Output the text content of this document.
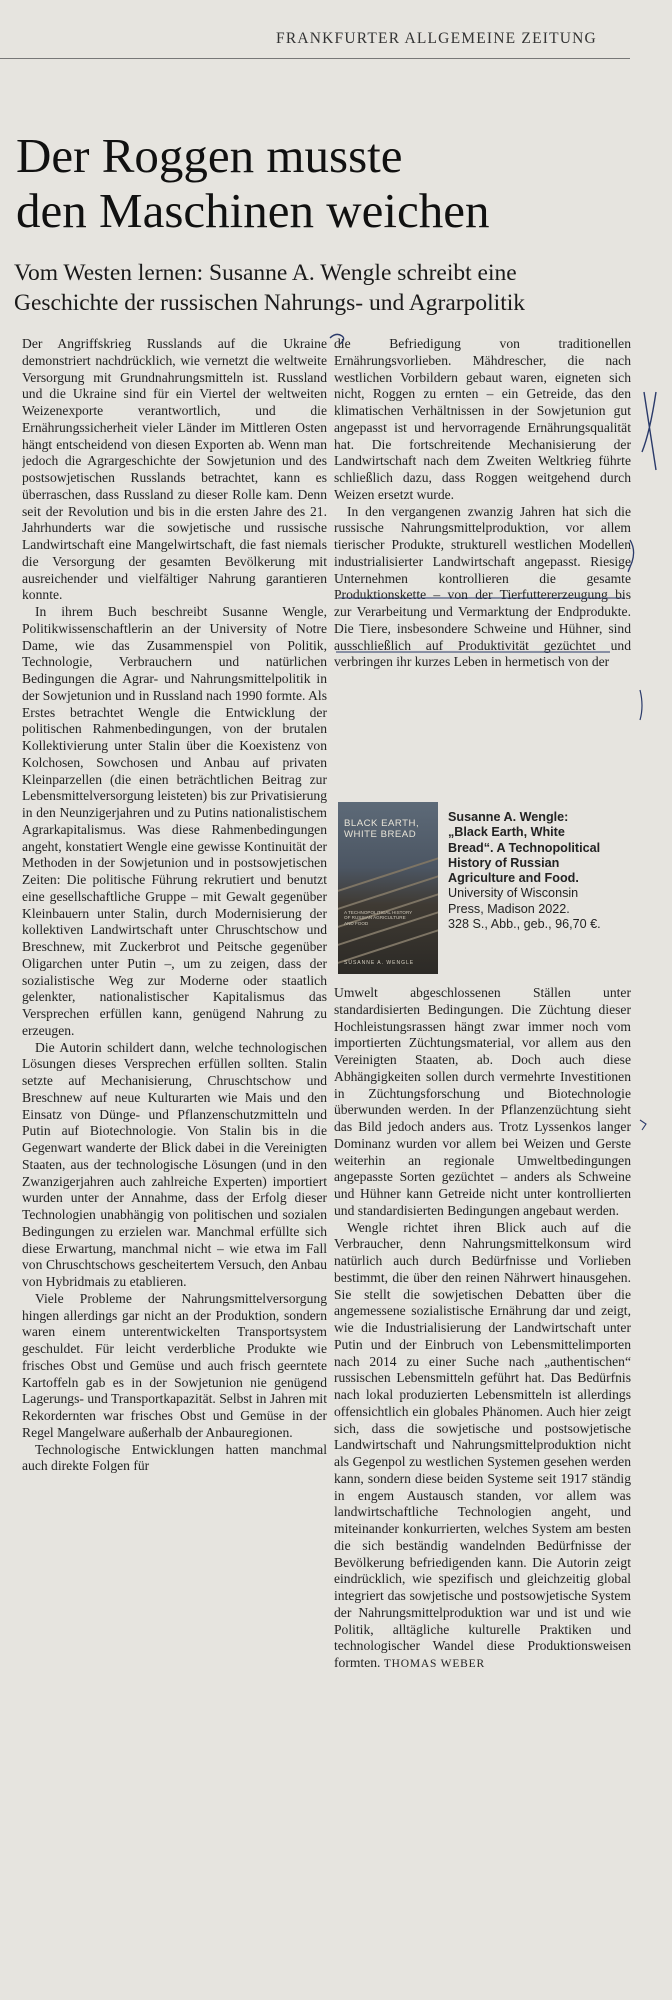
FRANKFURTER ALLGEMEINE ZEITUNG
Der Roggen musste
den Maschinen weichen
Vom Westen lernen: Susanne A. Wengle schreibt eine
Geschichte der russischen Nahrungs- und Agrarpolitik

Der Angriffskrieg Russlands auf die Ukraine demonstriert nachdrücklich, wie vernetzt die weltweite Versorgung mit Grundnahrungsmitteln ist. Russland und die Ukraine sind für ein Viertel der weltweiten Weizenexporte verantwortlich, und die Ernährungssicherheit vieler Länder im Mittleren Osten hängt entscheidend von diesen Exporten ab. Wenn man jedoch die Agrargeschichte der Sowjetunion und des postsowjetischen Russlands betrachtet, kann es überraschen, dass Russland zu dieser Rolle kam. Denn seit der Revolution und bis in die ersten Jahre des 21. Jahrhunderts war die sowjetische und russische Landwirtschaft eine Mangelwirtschaft, die fast niemals die Versorgung der gesamten Bevölkerung mit ausreichender und vielfältiger Nahrung garantieren konnte.

In ihrem Buch beschreibt Susanne Wengle, Politikwissenschaftlerin an der University of Notre Dame, wie das Zusammenspiel von Politik, Technologie, Verbrauchern und natürlichen Bedingungen die Agrar- und Nahrungsmittelpolitik in der Sowjetunion und in Russland nach 1990 formte. Als Erstes betrachtet Wengle die Entwicklung der politischen Rahmenbedingungen, von der brutalen Kollektivierung unter Stalin über die Koexistenz von Kolchosen, Sowchosen und Anbau auf privaten Kleinparzellen (die einen beträchtlichen Beitrag zur Lebensmittelversorgung leisteten) bis zur Privatisierung in den Neunzigerjahren und zu Putins nationalistischem Agrarkapitalismus. Was diese Rahmenbedingungen angeht, konstatiert Wengle eine gewisse Kontinuität der Methoden in der Sowjetunion und in postsowjetischen Zeiten: Die politische Führung rekrutiert und benutzt eine gesellschaftliche Gruppe – mit Gewalt gegenüber Kleinbauern unter Stalin, durch Modernisierung der kollektiven Landwirtschaft unter Chruschtschow und Breschnew, mit Zuckerbrot und Peitsche gegenüber Oligarchen unter Putin –, um zu zeigen, dass der sozialistische Weg zur Moderne oder staatlich gelenkter, nationalistischer Kapitalismus das Versprechen erfüllen kann, genügend Nahrung zu erzeugen.

Die Autorin schildert dann, welche technologischen Lösungen dieses Versprechen erfüllen sollten. Stalin setzte auf Mechanisierung, Chruschtschow und Breschnew auf neue Kulturarten wie Mais und den Einsatz von Dünge- und Pflanzenschutzmitteln und Putin auf Biotechnologie. Von Stalin bis in die Gegenwart wanderte der Blick dabei in die Vereinigten Staaten, aus der technologische Lösungen (und in den Zwanzigerjahren auch zahlreiche Experten) importiert wurden unter der Annahme, dass der Erfolg dieser Technologien unabhängig von politischen und sozialen Bedingungen zu erzielen war. Manchmal erfüllte sich diese Erwartung, manchmal nicht – wie etwa im Fall von Chruschtschows gescheitertem Versuch, den Anbau von Hybridmais zu etablieren.

Viele Probleme der Nahrungsmittelversorgung hingen allerdings gar nicht an der Produktion, sondern waren einem unterentwickelten Transportsystem geschuldet. Für leicht verderbliche Produkte wie frisches Obst und Gemüse und auch frisch geerntete Kartoffeln gab es in der Sowjetunion nie genügend Lagerungs- und Transportkapazität. Selbst in Jahren mit Rekordernten war frisches Obst und Gemüse in der Regel Mangelware außerhalb der Anbauregionen.

Technologische Entwicklungen hatten manchmal auch direkte Folgen für

die Befriedigung von traditionellen Ernährungsvorlieben. Mähdrescher, die nach westlichen Vorbildern gebaut waren, eigneten sich nicht, Roggen zu ernten – ein Getreide, das den klimatischen Verhältnissen in der Sowjetunion gut angepasst ist und hervorragende Ernährungsqualität hat. Die fortschreitende Mechanisierung der Landwirtschaft nach dem Zweiten Weltkrieg führte schließlich dazu, dass Roggen weitgehend durch Weizen ersetzt wurde.

In den vergangenen zwanzig Jahren hat sich die russische Nahrungsmittelproduktion, vor allem tierischer Produkte, strukturell westlichen Modellen industrialisierter Landwirtschaft angepasst. Riesige Unternehmen kontrollieren die gesamte Produktionskette – von der Tierfuttererzeugung bis zur Verarbeitung und Vermarktung der Endprodukte. Die Tiere, insbesondere Schweine und Hühner, sind ausschließlich auf Produktivität gezüchtet und verbringen ihr kurzes Leben in hermetisch von der

BLACK EARTH, WHITE BREAD
A TECHNOPOLITICAL HISTORY OF RUSSIAN AGRICULTURE AND FOOD
SUSANNE A. WENGLE
Susanne A. Wengle:
„Black Earth, White
Bread“. A Technopolitical
History of Russian
Agriculture and Food.
University of Wisconsin
Press, Madison 2022.
328 S., Abb., geb., 96,70 €.

Umwelt abgeschlossenen Ställen unter standardisierten Bedingungen. Die Züchtung dieser Hochleistungsrassen hängt zwar immer noch vom importierten Züchtungsmaterial, vor allem aus den Vereinigten Staaten, ab. Doch auch diese Abhängigkeiten sollen durch vermehrte Investitionen in Züchtungsforschung und Biotechnologie überwunden werden. In der Pflanzenzüchtung sieht das Bild jedoch anders aus. Trotz Lyssenkos langer Dominanz wurden vor allem bei Weizen und Gerste weiterhin an regionale Umweltbedingungen angepasste Sorten gezüchtet – anders als Schweine und Hühner kann Getreide nicht unter kontrollierten und standardisierten Bedingungen angebaut werden.

Wengle richtet ihren Blick auch auf die Verbraucher, denn Nahrungsmittelkonsum wird natürlich auch durch Bedürfnisse und Vorlieben bestimmt, die über den reinen Nährwert hinausgehen. Sie stellt die sowjetischen Debatten über die angemessene sozialistische Ernährung dar und zeigt, wie die Industrialisierung der Landwirtschaft unter Putin und der Einbruch von Lebensmittelimporten nach 2014 zu einer Suche nach „authentischen“ russischen Lebensmitteln geführt hat. Das Bedürfnis nach lokal produzierten Lebensmitteln ist allerdings offensichtlich ein globales Phänomen. Auch hier zeigt sich, dass die sowjetische und postsowjetische Landwirtschaft und Nahrungsmittelproduktion nicht als Gegenpol zu westlichen Systemen gesehen werden kann, sondern diese beiden Systeme seit 1917 ständig in engem Austausch standen, vor allem was landwirtschaftliche Technologien angeht, und miteinander konkurrierten, welches System am besten die sich beständig wandelnden Bedürfnisse der Bevölkerung befriedigenden kann. Die Autorin zeigt eindrücklich, wie spezifisch und gleichzeitig global integriert das sowjetische und postsowjetische System der Nahrungsmittelproduktion war und ist und wie Politik, alltägliche kulturelle Praktiken und technologischer Wandel diese Produktionsweisen formten. THOMAS WEBER
